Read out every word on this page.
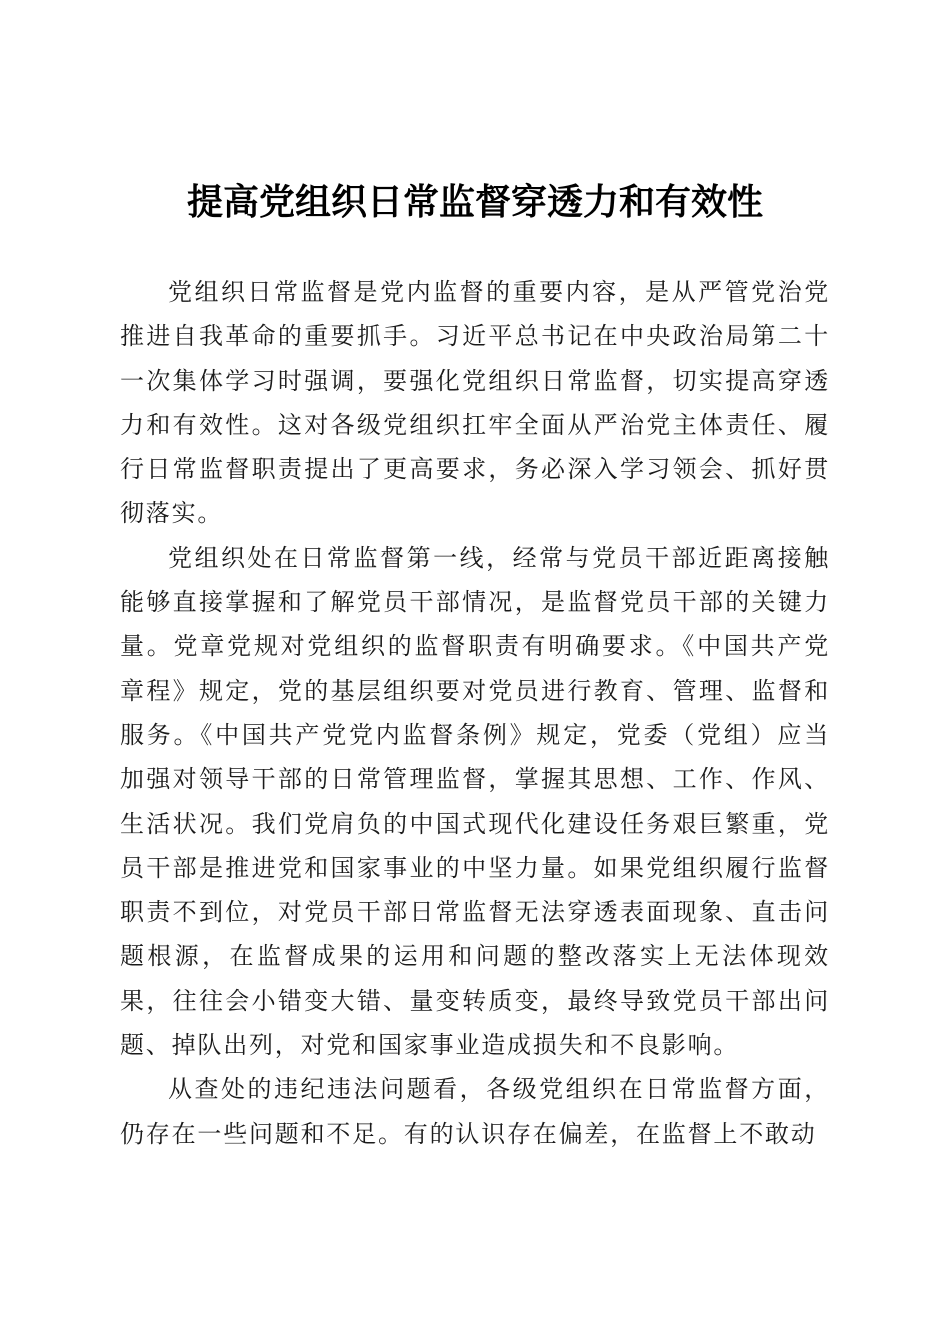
提高党组织日常监督穿透力和有效性

党组织日常监督是党内监督的重要内容，是从严管党治党推进自我革命的重要抓手。习近平总书记在中央政治局第二十一次集体学习时强调，要强化党组织日常监督，切实提高穿透力和有效性。这对各级党组织扛牢全面从严治党主体责任、履行日常监督职责提出了更高要求，务必深入学习领会、抓好贯彻落实。

党组织处在日常监督第一线，经常与党员干部近距离接触能够直接掌握和了解党员干部情况，是监督党员干部的关键力量。党章党规对党组织的监督职责有明确要求。《中国共产党章程》规定，党的基层组织要对党员进行教育、管理、监督和服务。《中国共产党党内监督条例》规定，党委（党组）应当加强对领导干部的日常管理监督，掌握其思想、工作、作风、生活状况。我们党肩负的中国式现代化建设任务艰巨繁重，党员干部是推进党和国家事业的中坚力量。如果党组织履行监督职责不到位，对党员干部日常监督无法穿透表面现象、直击问题根源，在监督成果的运用和问题的整改落实上无法体现效果，往往会小错变大错、量变转质变，最终导致党员干部出问题、掉队出列，对党和国家事业造成损失和不良影响。

从查处的违纪违法问题看，各级党组织在日常监督方面，仍存在一些问题和不足。有的认识存在偏差，在监督上不敢动
